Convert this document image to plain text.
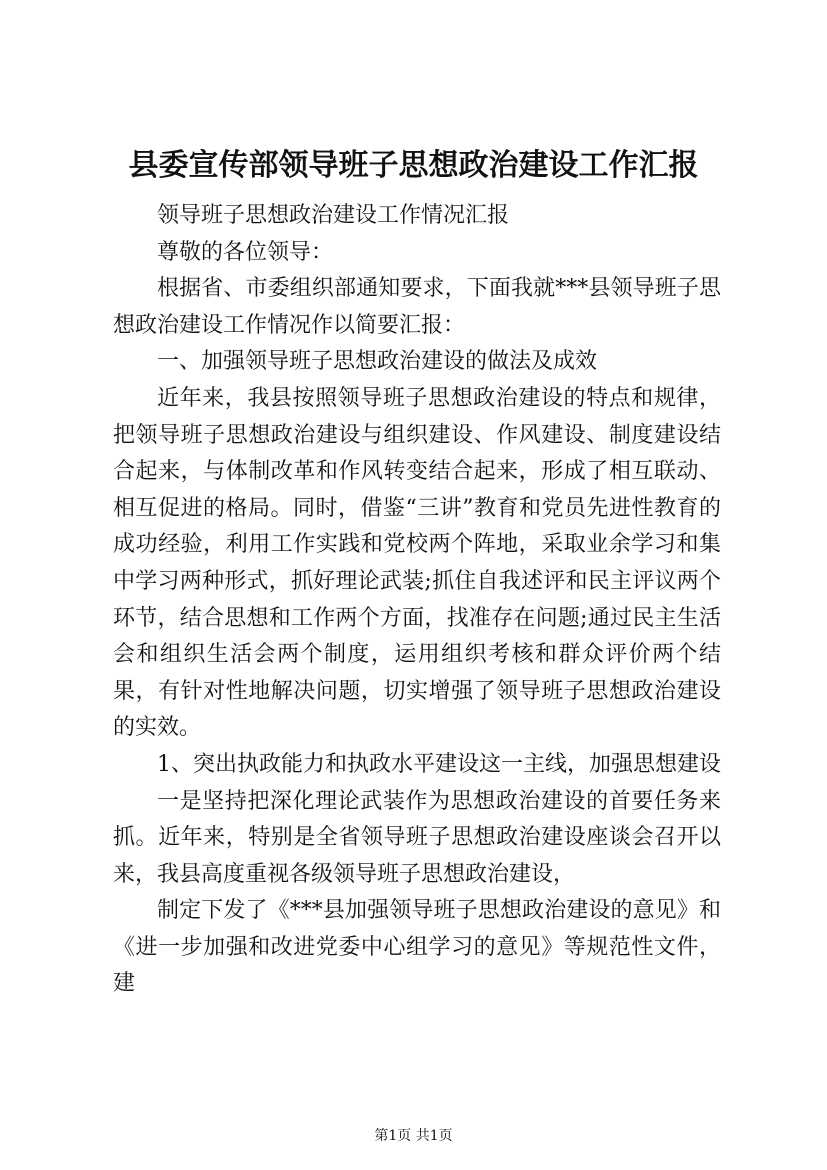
县委宣传部领导班子思想政治建设工作汇报

领导班子思想政治建设工作情况汇报

尊敬的各位领导：

根据省、市委组织部通知要求，下面我就***县领导班子思想政治建设工作情况作以简要汇报：

一、加强领导班子思想政治建设的做法及成效

近年来，我县按照领导班子思想政治建设的特点和规律，把领导班子思想政治建设与组织建设、作风建设、制度建设结合起来，与体制改革和作风转变结合起来，形成了相互联动、相互促进的格局。同时，借鉴“三讲”教育和党员先进性教育的成功经验，利用工作实践和党校两个阵地，采取业余学习和集中学习两种形式，抓好理论武装;抓住自我述评和民主评议两个环节，结合思想和工作两个方面，找准存在问题;通过民主生活会和组织生活会两个制度，运用组织考核和群众评价两个结果，有针对性地解决问题，切实增强了领导班子思想政治建设的实效。

1、突出执政能力和执政水平建设这一主线，加强思想建设

一是坚持把深化理论武装作为思想政治建设的首要任务来抓。近年来，特别是全省领导班子思想政治建设座谈会召开以来，我县高度重视各级领导班子思想政治建设，

制定下发了《***县加强领导班子思想政治建设的意见》和《进一步加强和改进党委中心组学习的意见》等规范性文件，建

第1页 共1页
